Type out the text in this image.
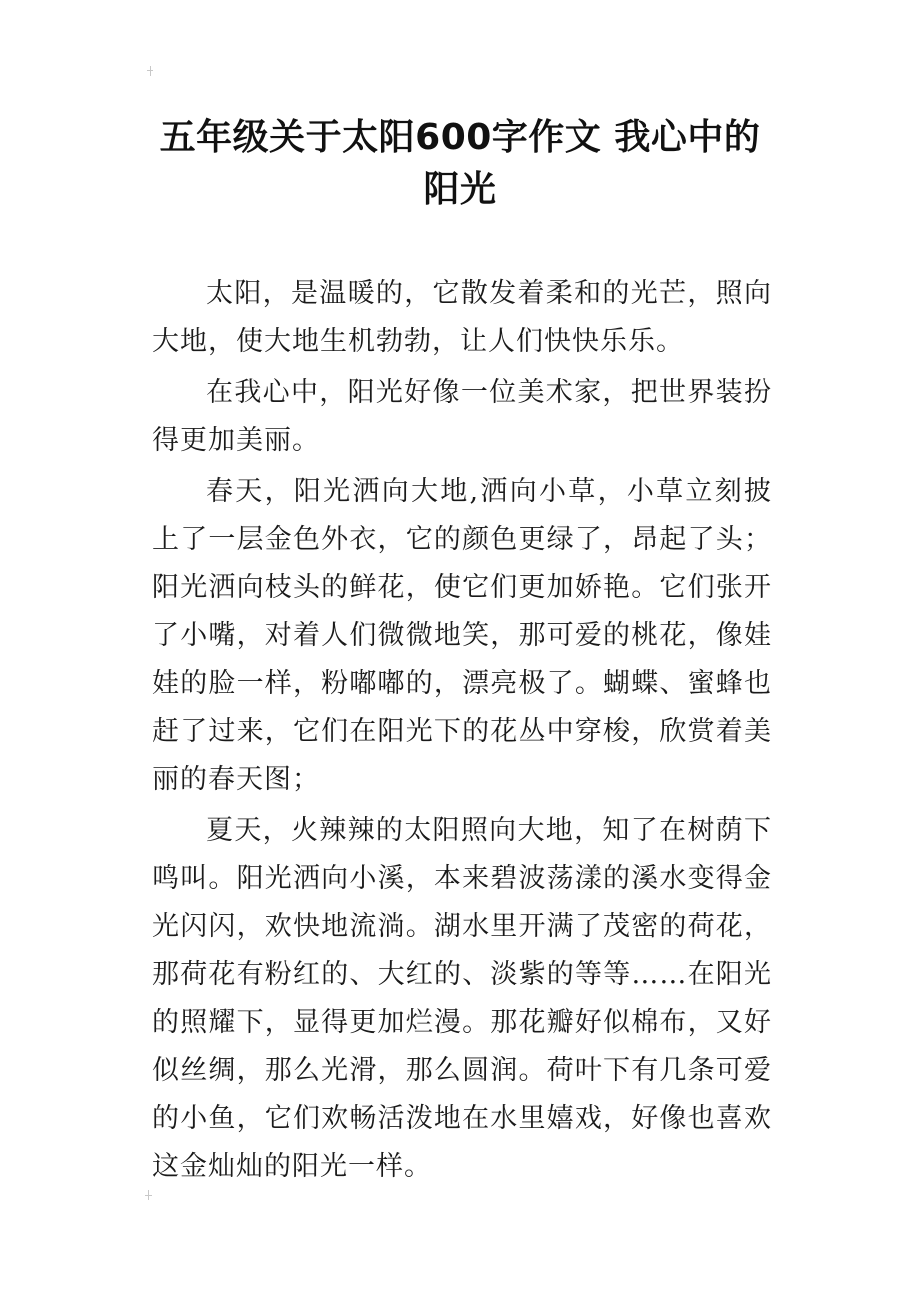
五年级关于太阳600字作文 我心中的
阳光

太阳，是温暖的，它散发着柔和的光芒，照向大地，使大地生机勃勃，让人们快快乐乐。

在我心中，阳光好像一位美术家，把世界装扮得更加美丽。

春天，阳光洒向大地,洒向小草，小草立刻披上了一层金色外衣，它的颜色更绿了，昂起了头；阳光洒向枝头的鲜花，使它们更加娇艳。它们张开了小嘴，对着人们微微地笑，那可爱的桃花，像娃娃的脸一样，粉嘟嘟的，漂亮极了。蝴蝶、蜜蜂也赶了过来，它们在阳光下的花丛中穿梭，欣赏着美丽的春天图；

夏天，火辣辣的太阳照向大地，知了在树荫下鸣叫。阳光洒向小溪，本来碧波荡漾的溪水变得金光闪闪，欢快地流淌。湖水里开满了茂密的荷花，那荷花有粉红的、大红的、淡紫的等等……在阳光的照耀下，显得更加烂漫。那花瓣好似棉布，又好似丝绸，那么光滑，那么圆润。荷叶下有几条可爱的小鱼，它们欢畅活泼地在水里嬉戏，好像也喜欢这金灿灿的阳光一样。
